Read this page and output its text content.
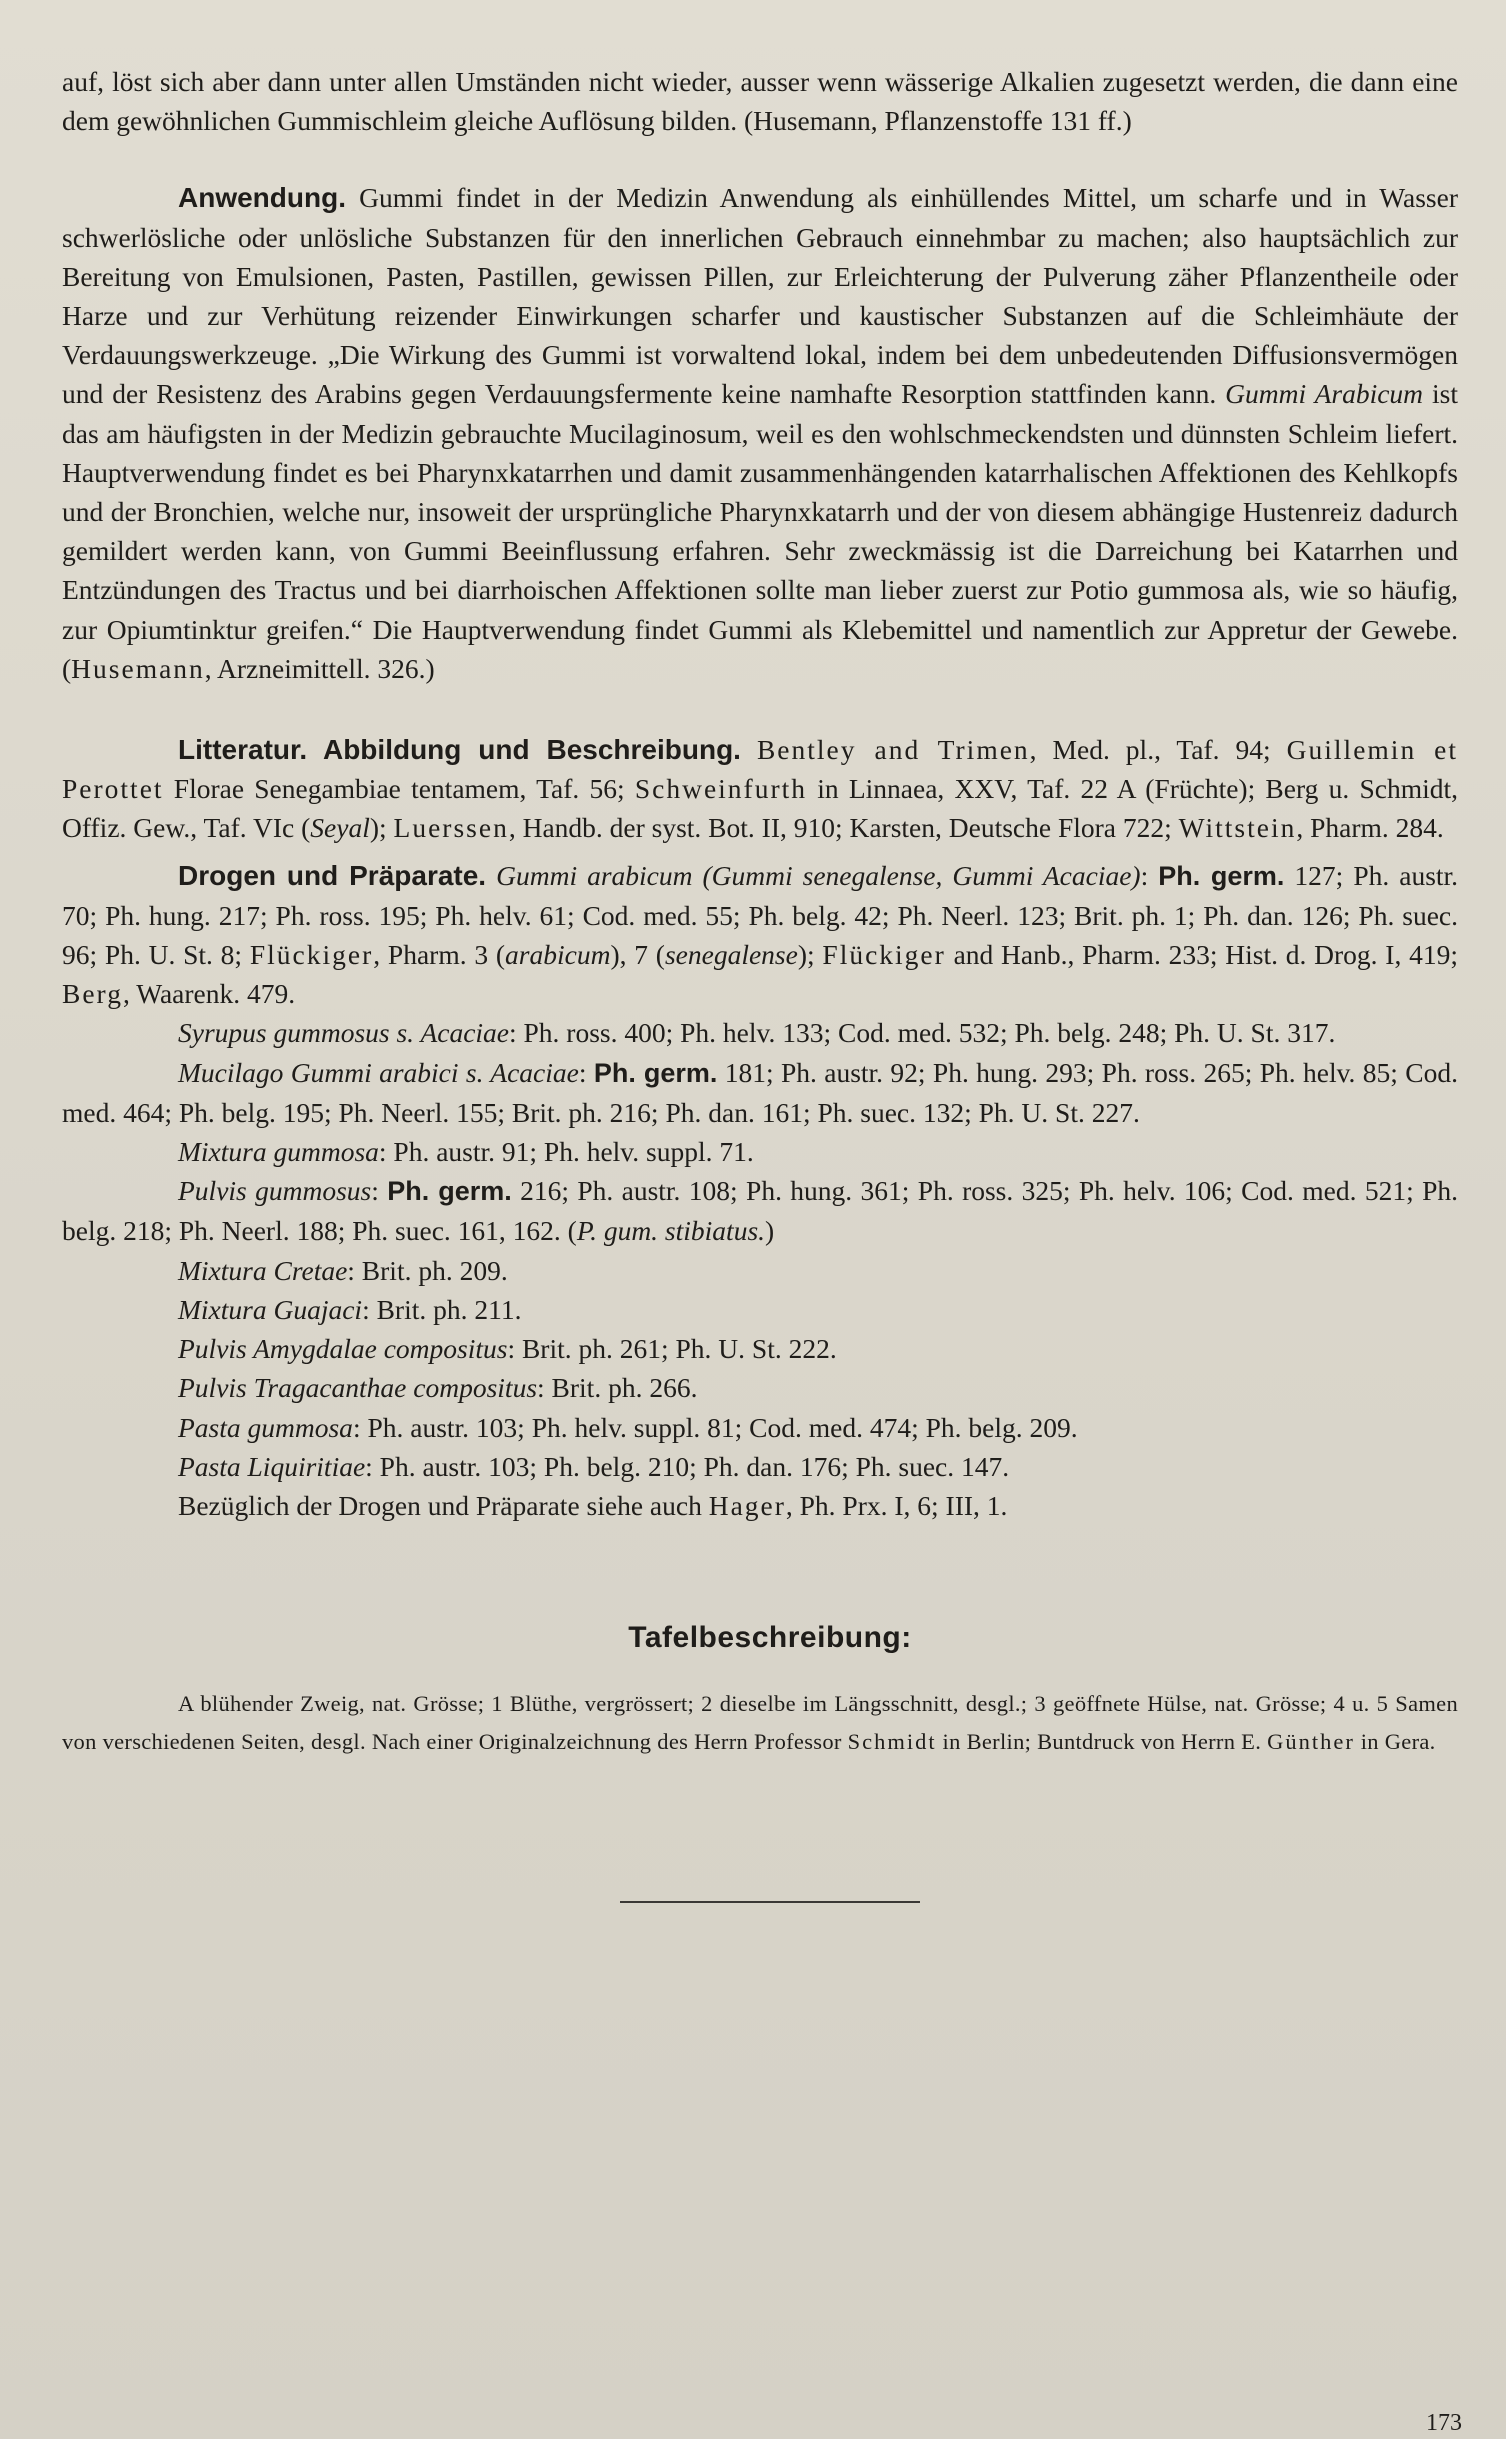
auf, löst sich aber dann unter allen Umständen nicht wieder, ausser wenn wässerige Alkalien zugesetzt werden, die dann eine dem gewöhnlichen Gummischleim gleiche Auflösung bilden. (Husemann, Pflanzenstoffe 131 ff.)

Anwendung. Gummi findet in der Medizin Anwendung als einhüllendes Mittel, um scharfe und in Wasser schwerlösliche oder unlösliche Substanzen für den innerlichen Gebrauch einnehmbar zu machen; also hauptsächlich zur Bereitung von Emulsionen, Pasten, Pastillen, gewissen Pillen, zur Erleichterung der Pulverung zäher Pflanzentheile oder Harze und zur Verhütung reizender Einwirkungen scharfer und kaustischer Substanzen auf die Schleimhäute der Verdauungswerkzeuge. „Die Wirkung des Gummi ist vorwaltend lokal, indem bei dem unbedeutenden Diffusionsvermögen und der Resistenz des Arabins gegen Verdauungsfermente keine namhafte Resorption stattfinden kann. Gummi Arabicum ist das am häufigsten in der Medizin gebrauchte Mucilaginosum, weil es den wohlschmeckendsten und dünnsten Schleim liefert. Hauptverwendung findet es bei Pharynxkatarrhen und damit zusammenhängenden katarrhalischen Affektionen des Kehlkopfs und der Bronchien, welche nur, insoweit der ursprüngliche Pharynxkatarrh und der von diesem abhängige Hustenreiz dadurch gemildert werden kann, von Gummi Beeinflussung erfahren. Sehr zweckmässig ist die Darreichung bei Katarrhen und Entzündungen des Tractus und bei diarrhoischen Affektionen sollte man lieber zuerst zur Potio gummosa als, wie so häufig, zur Opiumtinktur greifen.“ Die Hauptverwendung findet Gummi als Klebemittel und namentlich zur Appretur der Gewebe. (Husemann, Arzneimittell. 326.)

Litteratur. Abbildung und Beschreibung. Bentley and Trimen, Med. pl., Taf. 94; Guillemin et Perottet Florae Senegambiae tentamem, Taf. 56; Schweinfurth in Linnaea, XXV, Taf. 22 A (Früchte); Berg u. Schmidt, Offiz. Gew., Taf. VIc (Seyal); Luerssen, Handb. der syst. Bot. II, 910; Karsten, Deutsche Flora 722; Wittstein, Pharm. 284.

Drogen und Präparate. Gummi arabicum (Gummi senegalense, Gummi Acaciae): Ph. germ. 127; Ph. austr. 70; Ph. hung. 217; Ph. ross. 195; Ph. helv. 61; Cod. med. 55; Ph. belg. 42; Ph. Neerl. 123; Brit. ph. 1; Ph. dan. 126; Ph. suec. 96; Ph. U. St. 8; Flückiger, Pharm. 3 (arabicum), 7 (senegalense); Flückiger and Hanb., Pharm. 233; Hist. d. Drog. I, 419; Berg, Waarenk. 479.

Syrupus gummosus s. Acaciae: Ph. ross. 400; Ph. helv. 133; Cod. med. 532; Ph. belg. 248; Ph. U. St. 317.

Mucilago Gummi arabici s. Acaciae: Ph. germ. 181; Ph. austr. 92; Ph. hung. 293; Ph. ross. 265; Ph. helv. 85; Cod. med. 464; Ph. belg. 195; Ph. Neerl. 155; Brit. ph. 216; Ph. dan. 161; Ph. suec. 132; Ph. U. St. 227.

Mixtura gummosa: Ph. austr. 91; Ph. helv. suppl. 71.

Pulvis gummosus: Ph. germ. 216; Ph. austr. 108; Ph. hung. 361; Ph. ross. 325; Ph. helv. 106; Cod. med. 521; Ph. belg. 218; Ph. Neerl. 188; Ph. suec. 161, 162. (P. gum. stibiatus.)

Mixtura Cretae: Brit. ph. 209.

Mixtura Guajaci: Brit. ph. 211.

Pulvis Amygdalae compositus: Brit. ph. 261; Ph. U. St. 222.

Pulvis Tragacanthae compositus: Brit. ph. 266.

Pasta gummosa: Ph. austr. 103; Ph. helv. suppl. 81; Cod. med. 474; Ph. belg. 209.

Pasta Liquiritiae: Ph. austr. 103; Ph. belg. 210; Ph. dan. 176; Ph. suec. 147.

Bezüglich der Drogen und Präparate siehe auch Hager, Ph. Prx. I, 6; III, 1.

Tafelbeschreibung:

A blühender Zweig, nat. Grösse; 1 Blüthe, vergrössert; 2 dieselbe im Längsschnitt, desgl.; 3 geöffnete Hülse, nat. Grösse; 4 u. 5 Samen von verschiedenen Seiten, desgl. Nach einer Originalzeichnung des Herrn Professor Schmidt in Berlin; Buntdruck von Herrn E. Günther in Gera.

173
